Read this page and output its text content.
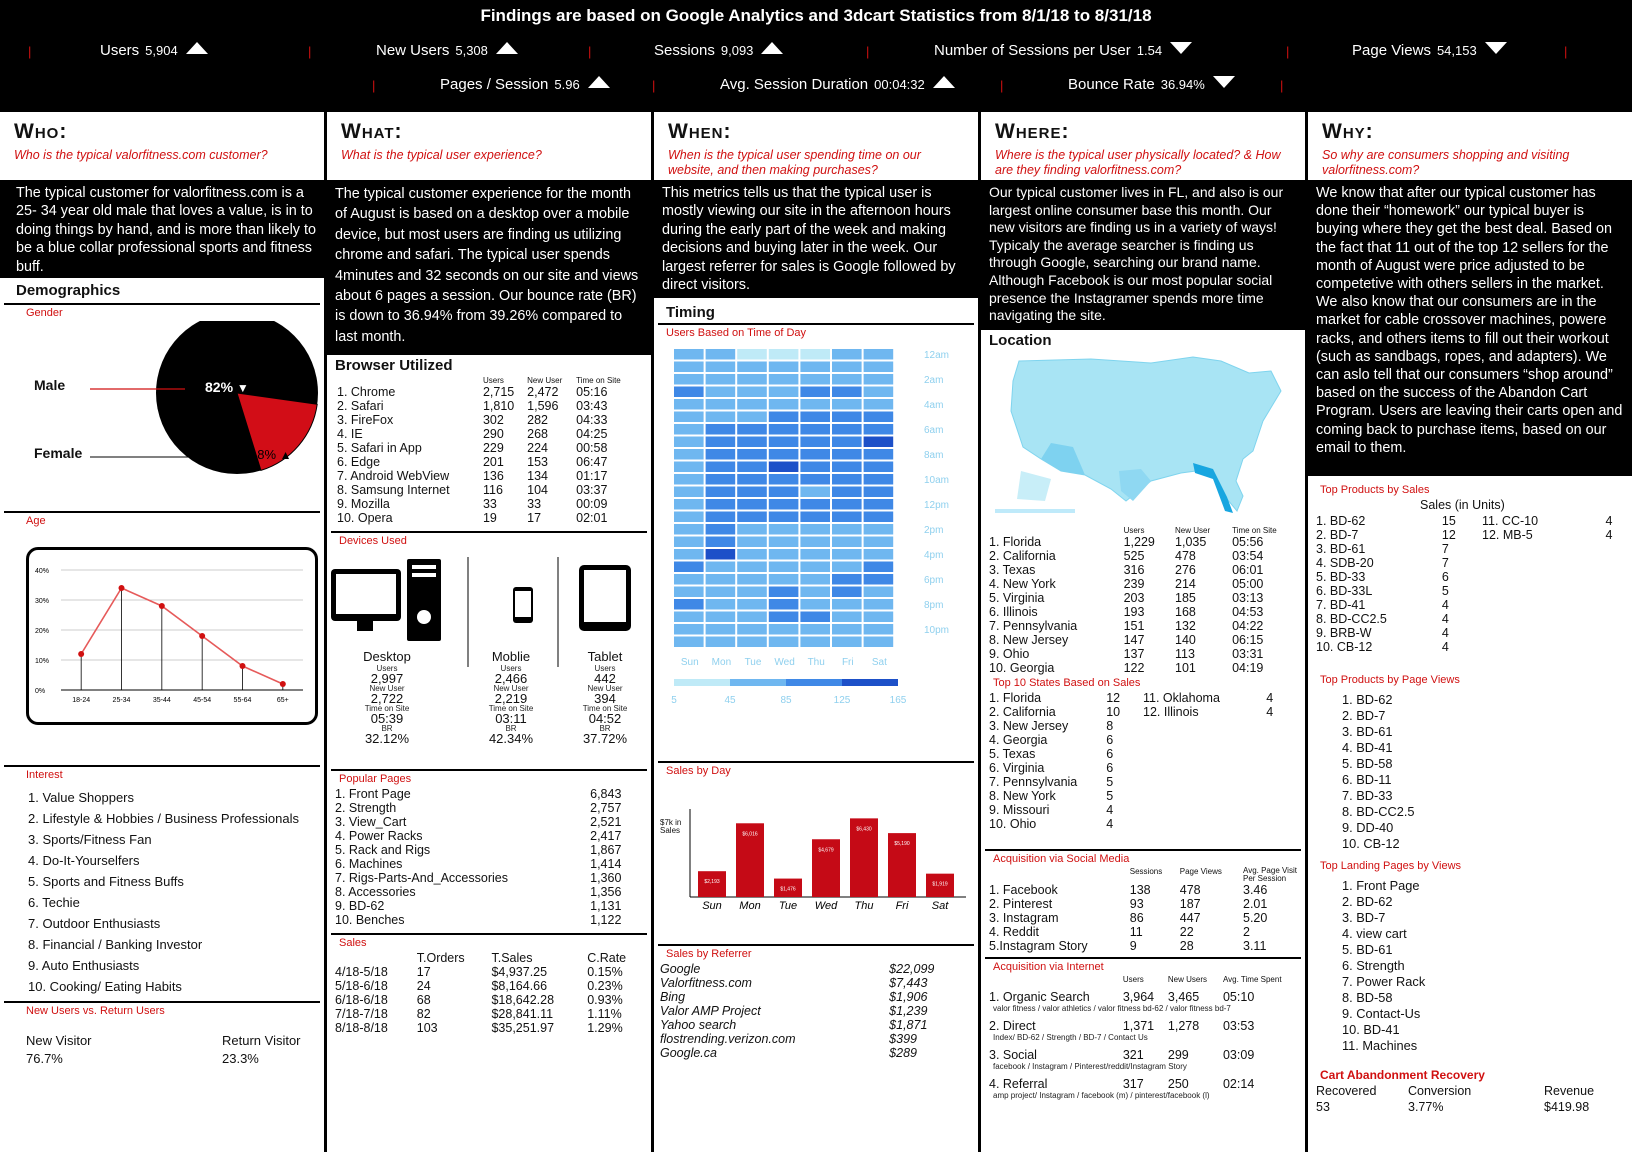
Findings are based on Google Analytics and 3dcart Statistics from 8/1/18 to 8/31/18
|	Users 5,904	|	New Users 5,308	|	Sessions 9,093	|	Number of Sessions per User 1.54	|	Page Views 54,153	|
|	Pages / Session 5.96	|	Avg. Session Duration 00:04:32	|	Bounce Rate 36.94%	|
Who:
Who is the typical valorfitness.com customer?
The typical customer for valorfitness.com is a 25- 34 year old male that loves a value, is in to doing things by hand, and is more than likely to be a blue collar professional sports and fitness buff.
Demographics
Gender
Male
Female
82% ▼
18% ▲
Age
0%
10%
20%
30%
40%
18-24	25-34	35-44	45-54	55-64	65+
Interest
1. Value Shoppers
2. Lifestyle & Hobbies / Business Professionals
3. Sports/Fitness Fan
4. Do-It-Yourselfers
5. Sports and Fitness Buffs
6. Techie
7. Outdoor Enthusiasts
8. Financial / Banking Investor
9. Auto Enthusiasts
10. Cooking/ Eating Habits
New Users vs. Return Users
New Visitor
76.7%
Return Visitor
23.3%
What:
What is the typical user experience?
The typical customer experience for the month of August is based on a desktop over a mobile device, but most users are finding us utilizing chrome and safari. The typical user spends 4minutes and 32 seconds on our site and views about 6 pages a session. Our bounce rate (BR) is down to 36.94% from 39.26% compared to last month.
Browser Utilized
	Users	New User	Time on Site
1. Chrome	2,715	2,472	05:16
2. Safari	1,810	1,596	03:43
3. FireFox	302	282	04:33
4. IE	290	268	04:25
5. Safari in App	229	224	00:58
6. Edge	201	153	06:47
7. Android WebView	136	134	01:17
8. Samsung Internet	116	104	03:37
9. Mozilla	33	33	00:09
10. Opera	19	17	02:01
Devices Used
Desktop
Users
2,997
New User
2,722
Time on Site
05:39
BR
32.12%
Moblie
Users
2,466
New User
2,219
Time on Site
03:11
BR
42.34%
Tablet
Users
442
New User
394
Time on Site
04:52
BR
37.72%
Popular Pages
1. Front Page	6,843
2. Strength	2,757
3. View_Cart	2,521
4. Power Racks	2,417
5. Rack and Rigs	1,867
6. Machines	1,414
7. Rigs-Parts-And_Accessories	1,360
8. Accessories	1,356
9. BD-62	1,131
10. Benches	1,122
Sales
	T.Orders	T.Sales	C.Rate
4/18-5/18	17	$4,937.25	0.15%
5/18-6/18	24	$8,164.66	0.23%
6/18-6/18	68	$18,642.28	0.93%
7/18-7/18	82	$28,841.11	1.11%
8/18-8/18	103	$35,251.97	1.29%
When:
When is the typical user spending time on our website, and then making purchases?
This metrics tells us that the typical user is mostly viewing our site in the afternoon hours during the early part of the week and making decisions and buying later in the week. Our largest referrer for sales is Google followed by direct visitors.
Timing
Users Based on Time of Day
12am
2am
4am
6am
8am
10am
12pm
2pm
4pm
6pm
8pm
10pm
Sun Mon Tue Wed Thu Fri Sat
5	45	85	125	165
Sales by Day
$7k in Sales
$2,193
Sun
$6,016
Mon
$1,476
Tue
$4,679
Wed
$6,430
Thu
$5,190
Fri
$1,919
Sat
Sales by Referrer
Google	$22,099
Valorfitness.com	$7,443
Bing	$1,906
Valor AMP Project	$1,239
Yahoo search	$1,871
flostrending.verizon.com	$399
Google.ca	$289
Where:
Where is the typical user physically located? & How are they finding valorfitness.com?
Our typical customer lives in FL, and also is our largest online consumer base this month. Our new visitors are finding us in a variety of ways! Typicaly the average searcher is finding us through Google, searching our brand name. Although Facebook is our most popular social presence the Instagramer spends more time navigating the site.
Location
	Users	New User	Time on Site
1. Florida	1,229	1,035	05:56
2. California	525	478	03:54
3. Texas	316	276	06:01
4. New York	239	214	05:00
5. Virginia	203	185	03:13
6. Illinois	193	168	04:53
7. Pennsylvania	151	132	04:22
8. New Jersey	147	140	06:15
9. Ohio	137	113	03:31
10. Georgia	122	101	04:19
Top 10 States Based on Sales
1. Florida	12
2. California	10
3. New Jersey	8
4. Georgia	6
5. Texas	6
6. Virginia	6
7. Pennsylvania	5
8. New York	5
9. Missouri	4
10. Ohio	4
11. Oklahoma	4
12. Illinois	4
Acquisition via Social Media
	Sessions	Page Views	Avg. Page Visit Per Session
1. Facebook	138	478	3.46
2. Pinterest	93	187	2.01
3. Instagram	86	447	5.20
4. Reddit	11	22	2
5.Instagram Story	9	28	3.11
Acquisition via Internet
	Users	New Users	Avg. Time Spent
1. Organic Search	3,964	3,465	05:10
valor fitness / valor athletics / valor fitness bd-62 / valor fitness bd-7			
2. Direct	1,371	1,278	03:53
Index/ BD-62 / Strength / BD-7 / Contact Us			
3. Social	321	299	03:09
facebook / Instagram / Pinterest/reddit/Instagram Story			
4. Referral	317	250	02:14
amp project/ Instagram / facebook (m) / pinterest/facebook (l)			
Why:
So why are consumers shopping and visiting valorfitness.com?
We know that after our typical customer has done their “homework” our typical buyer is buying where they get the best deal. Based on the fact that 11 out of the top 12 sellers for the month of August were price adjusted to be competetive with others sellers in the market. We also know that our consumers are in the market for cable crossover machines, powere racks, and others items to fill out their workout (such as sandbags, ropes, and adapters). We can aslo tell that our consumers “shop around” based on the success of the Abandon Cart Program. Users are leaving their carts open and coming back to purchase items, based on our email to them.
Top Products by Sales
Sales (in Units)
1. BD-62	15
2. BD-7	12
3. BD-61	7
4. SDB-20	7
5. BD-33	6
6. BD-33L	5
7. BD-41	4
8. BD-CC2.5	4
9. BRB-W	4
10. CB-12	4
11. CC-10	4
12. MB-5	4
Top Products by Page Views
1. BD-62
2. BD-7
3. BD-61
4. BD-41
5. BD-58
6. BD-11
7. BD-33
8. BD-CC2.5
9. DD-40
10. CB-12
Top Landing Pages by Views
1. Front Page
2. BD-62
3. BD-7
4. view cart
5. BD-61
6. Strength
7. Power Rack
8. BD-58
9. Contact-Us
10. BD-41
11. Machines
Cart Abandonment Recovery
Recovered	Conversion	Revenue
53	3.77%	$419.98
